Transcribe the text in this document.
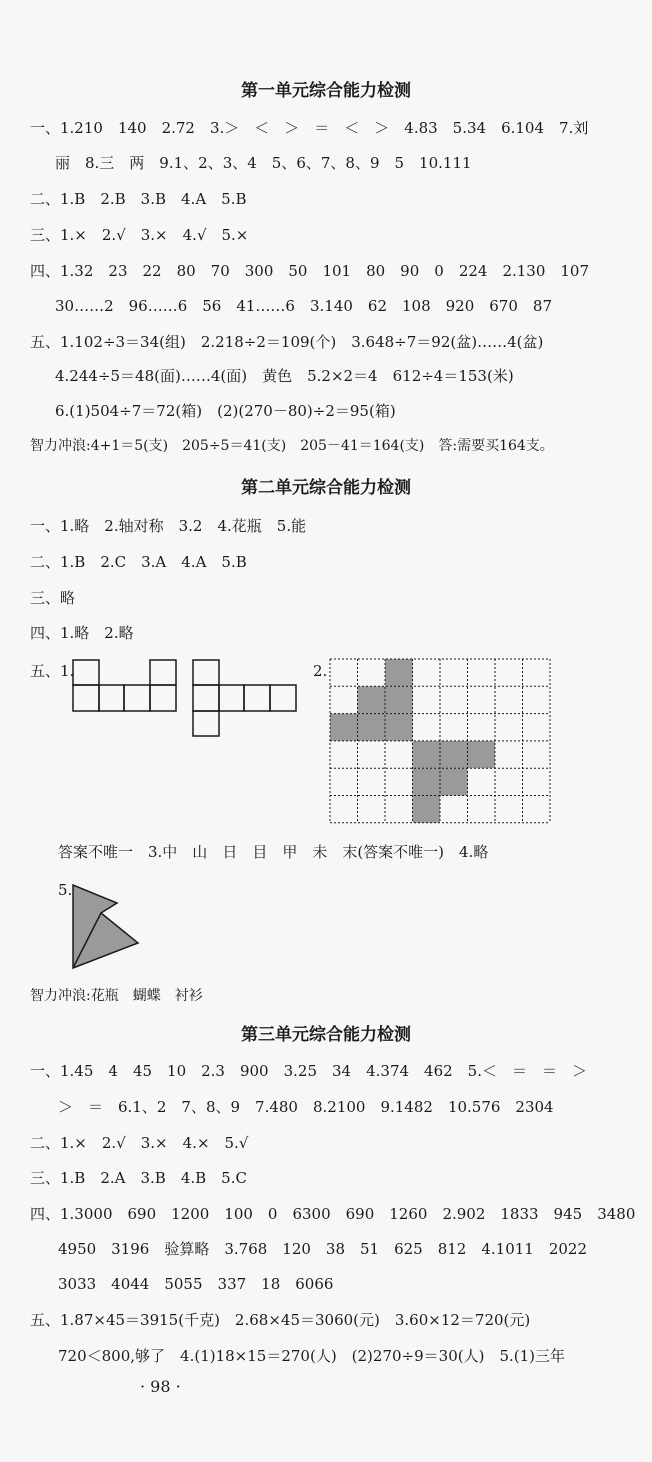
第一单元综合能力检测
一、1.210　140　2.72　3.＞　＜　＞　＝　＜　＞　4.83　5.34　6.104　7.刘
丽　8.三　两　9.1、2、3、4　5、6、7、8、9　5　10.111
二、1.B　2.B　3.B　4.A　5.B
三、1.×　2.√　3.×　4.√　5.×
四、1.32　23　22　80　70　300　50　101　80　90　0　224　2.130　107
30……2　96……6　56　41……6　3.140　62　108　920　670　87
五、1.102÷3＝34(组)　2.218÷2＝109(个)　3.648÷7＝92(盆)……4(盆)
4.244÷5＝48(面)……4(面)　黄色　5.2×2＝4　612÷4＝153(米)
6.(1)504÷7＝72(箱)　(2)(270－80)÷2＝95(箱)
智力冲浪:4+1＝5(支)　205÷5＝41(支)　205－41＝164(支)　答:需要买164支。
第二单元综合能力检测
一、1.略　2.轴对称　3.2　4.花瓶　5.能
二、1.B　2.C　3.A　4.A　5.B
三、略
四、1.略　2.略
五、1.	2.
答案不唯一　3.中　山　日　目　甲　未　末(答案不唯一)　4.略
5.
智力冲浪:花瓶　蝴蝶　衬衫
第三单元综合能力检测
一、1.45　4　45　10　2.3　900　3.25　34　4.374　462　5.＜　＝　＝　＞
＞　＝　6.1、2　7、8、9　7.480　8.2100　9.1482　10.576　2304
二、1.×　2.√　3.×　4.×　5.√
三、1.B　2.A　3.B　4.B　5.C
四、1.3000　690　1200　100　0　6300　690　1260　2.902　1833　945　3480
4950　3196　验算略　3.768　120　38　51　625　812　4.1011　2022
3033　4044　5055　337　18　6066
五、1.87×45＝3915(千克)　2.68×45＝3060(元)　3.60×12＝720(元)
720＜800,够了　4.(1)18×15＝270(人)　(2)270÷9＝30(人)　5.(1)三年
· 98 ·
